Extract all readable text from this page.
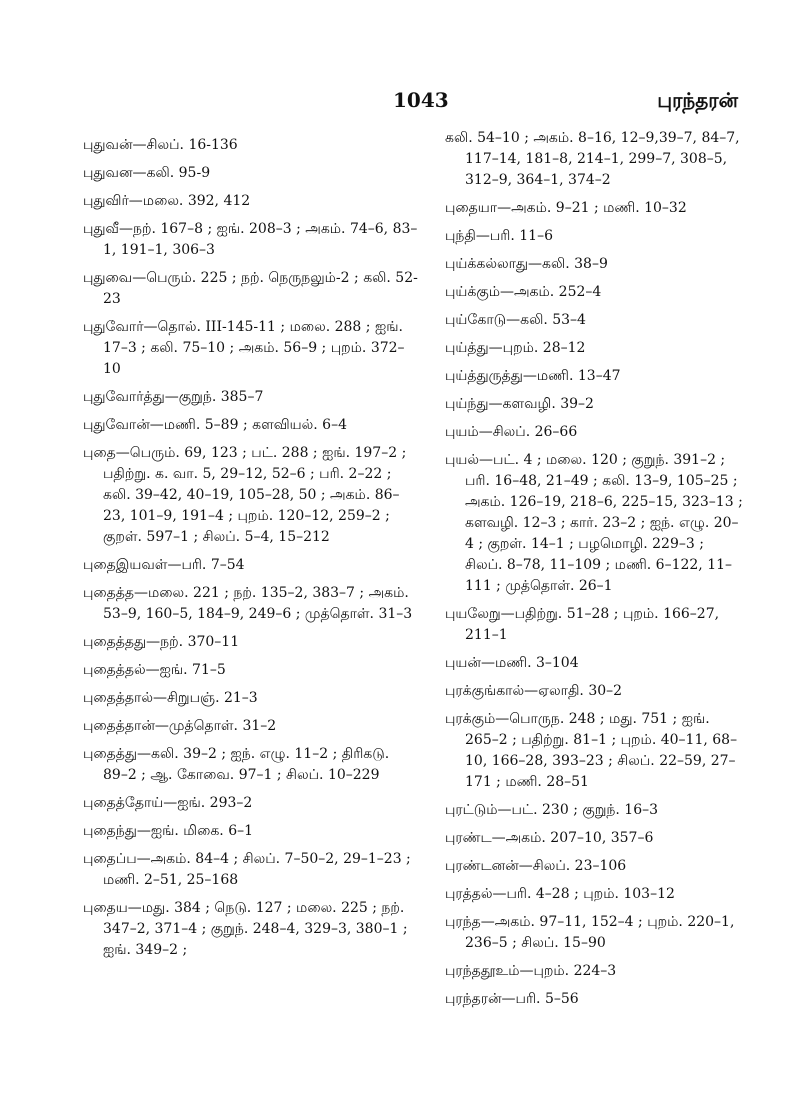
1043	புரந்தரன்
புதுவன்—சிலப். 16-136
புதுவன—கலி. 95-9
புதுவிர்—மலை. 392, 412
புதுவீ—நற். 167–8 ; ஐங். 208–3 ; அகம். 74–6, 83–1, 191–1, 306–3
புதுவை—பெரும். 225 ; நற். நெருநலும்-2 ; கலி. 52-23
புதுவோர்—தொல். III-145-11 ; மலை. 288 ; ஐங். 17–3 ; கலி. 75–10 ; அகம். 56–9 ; புறம். 372–10
புதுவோர்த்து—குறுந். 385–7
புதுவோன்—மணி. 5–89 ; களவியல். 6–4
புதை—பெரும். 69, 123 ; பட். 288 ; ஐங். 197–2 ; பதிற்று. க. வா. 5, 29–12, 52–6 ; பரி. 2–22 ; கலி. 39–42, 40–19, 105–28, 50 ; அகம். 86–23, 101–9, 191–4 ; புறம். 120–12, 259–2 ; குறள். 597–1 ; சிலப். 5–4, 15–212
புதைஇயவள்—பரி. 7–54
புதைத்த—மலை. 221 ; நற். 135–2, 383–7 ; அகம். 53–9, 160–5, 184–9, 249–6 ; முத்தொள். 31–3
புதைத்தது—நற். 370–11
புதைத்தல்—ஐங். 71–5
புதைத்தால்—சிறுபஞ். 21–3
புதைத்தான்—முத்தொள். 31–2
புதைத்து—கலி. 39–2 ; ஐந். எழு. 11–2 ; திரிகடு. 89–2 ; ஆ. கோவை. 97–1 ; சிலப். 10–229
புதைத்தோய்—ஐங். 293–2
புதைந்து—ஐங். மிகை. 6–1
புதைப்ப—அகம். 84–4 ; சிலப். 7–50–2, 29–1–23 ; மணி. 2–51, 25–168
புதைய—மது. 384 ; நெடு. 127 ; மலை. 225 ; நற். 347–2, 371–4 ; குறுந். 248–4, 329–3, 380–1 ; ஐங். 349–2 ;
கலி. 54–10 ; அகம். 8–16, 12–9,39–7, 84–7, 117–14, 181–8, 214–1, 299–7, 308–5, 312–9, 364–1, 374–2
புதையா—அகம். 9–21 ; மணி. 10–32
புந்தி—பரி. 11–6
புய்க்கல்லாது—கலி. 38–9
புய்க்கும்—அகம். 252–4
புய்கோடு—கலி. 53–4
புய்த்து—புறம். 28–12
புய்த்துருத்து—மணி. 13–47
புய்ந்து—களவழி. 39–2
புயம்—சிலப். 26–66
புயல்—பட். 4 ; மலை. 120 ; குறுந். 391–2 ; பரி. 16–48, 21–49 ; கலி. 13–9, 105–25 ; அகம். 126–19, 218–6, 225–15, 323–13 ; களவழி. 12–3 ; கார். 23–2 ; ஐந். எழு. 20–4 ; குறள். 14–1 ; பழமொழி. 229–3 ; சிலப். 8–78, 11–109 ; மணி. 6–122, 11–111 ; முத்தொள். 26–1
புயலேறு—பதிற்று. 51–28 ; புறம். 166–27, 211–1
புயன்—மணி. 3–104
புரக்குங்கால்—ஏலாதி. 30–2
புரக்கும்—பொருந. 248 ; மது. 751 ; ஐங். 265–2 ; பதிற்று. 81–1 ; புறம். 40–11, 68–10, 166–28, 393–23 ; சிலப். 22–59, 27–171 ; மணி. 28–51
புரட்டும்—பட். 230 ; குறுந். 16–3
புரண்ட—அகம். 207–10, 357–6
புரண்டனன்—சிலப். 23–106
புரத்தல்—பரி. 4–28 ; புறம். 103–12
புரந்த—அகம். 97–11, 152–4 ; புறம். 220–1, 236–5 ; சிலப். 15–90
புரந்ததூஉம்—புறம். 224–3
புரந்தரன்—பரி. 5–56
